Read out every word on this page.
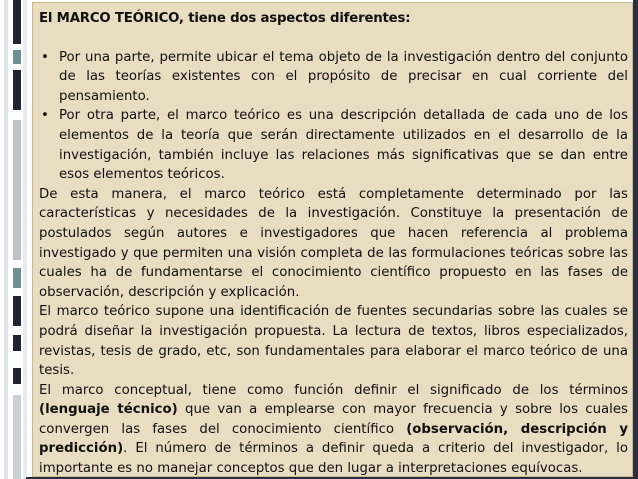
El MARCO TEÓRICO, tiene dos aspectos diferentes:
• Por una parte, permite ubicar el tema objeto de la investigación dentro del conjunto de las teorías existentes con el propósito de precisar en cual corriente del pensamiento.
• Por otra parte, el marco teórico es una descripción detallada de cada uno de los elementos de la teoría que serán directamente utilizados en el desarrollo de la investigación, también incluye las relaciones más significativas que se dan entre esos elementos teóricos.

De esta manera, el marco teórico está completamente determinado por las características y necesidades de la investigación. Constituye la presentación de postulados según autores e investigadores que hacen referencia al problema investigado y que permiten una visión completa de las formulaciones teóricas sobre las cuales ha de fundamentarse el conocimiento científico propuesto en las fases de observación, descripción y explicación.

El marco teórico supone una identificación de fuentes secundarias sobre las cuales se podrá diseñar la investigación propuesta. La lectura de textos, libros especializados, revistas, tesis de grado, etc, son fundamentales para elaborar el marco teórico de una tesis.

El marco conceptual, tiene como función definir el significado de los términos (lenguaje técnico) que van a emplearse con mayor frecuencia y sobre los cuales convergen las fases del conocimiento científico (observación, descripción y predicción). El número de términos a definir queda a criterio del investigador, lo importante es no manejar conceptos que den lugar a interpretaciones equívocas.
